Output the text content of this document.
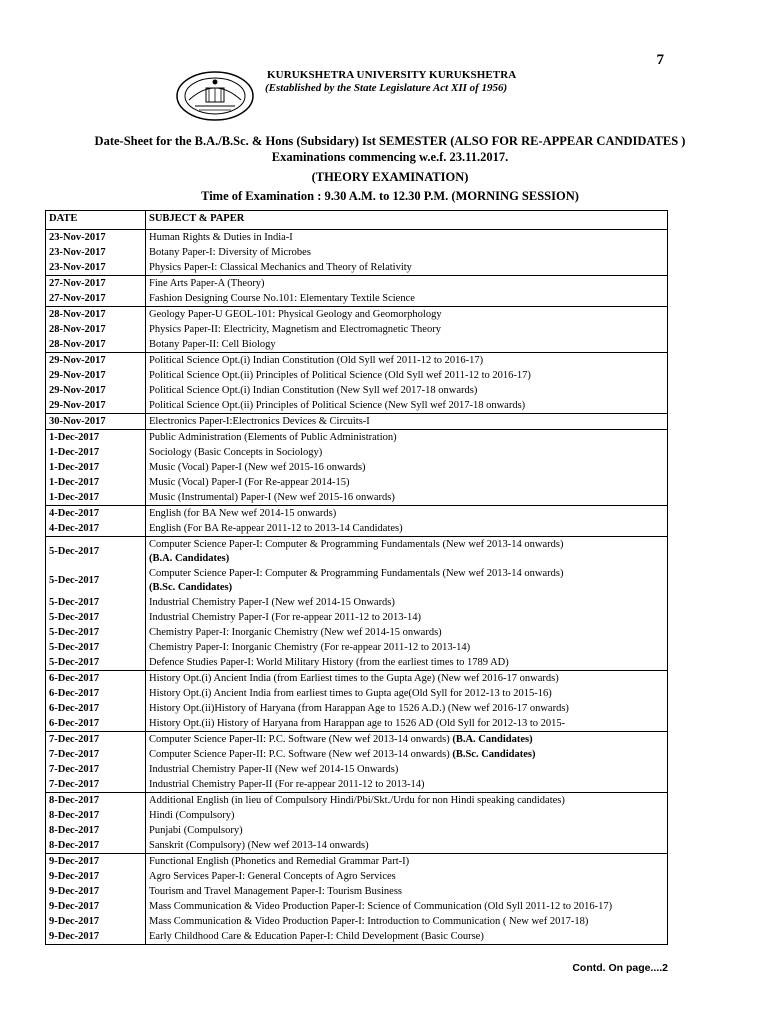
7
KURUKSHETRA UNIVERSITY KURUKSHETRA
(Established by the State Legislature Act XII of 1956)
Date-Sheet for the B.A./B.Sc. & Hons (Subsidary) Ist SEMESTER (ALSO FOR RE-APPEAR CANDIDATES ) Examinations commencing w.e.f. 23.11.2017.
(THEORY EXAMINATION)
Time of Examination : 9.30 A.M. to 12.30 P.M. (MORNING SESSION)
DATE	SUBJECT & PAPER
23-Nov-2017	Human Rights & Duties in India-I
23-Nov-2017	Botany Paper-I: Diversity of Microbes
23-Nov-2017	Physics Paper-I: Classical Mechanics and Theory of Relativity
27-Nov-2017	Fine Arts Paper-A (Theory)
27-Nov-2017	Fashion Designing Course No.101: Elementary Textile Science
28-Nov-2017	Geology Paper-U GEOL-101: Physical Geology and Geomorphology
28-Nov-2017	Physics Paper-II: Electricity, Magnetism and Electromagnetic Theory
28-Nov-2017	Botany Paper-II: Cell Biology
29-Nov-2017	Political Science Opt.(i) Indian Constitution (Old Syll wef 2011-12 to 2016-17)
29-Nov-2017	Political Science Opt.(ii) Principles of Political Science (Old Syll wef 2011-12 to 2016-17)
29-Nov-2017	Political Science Opt.(i) Indian Constitution (New Syll wef 2017-18 onwards)
29-Nov-2017	Political Science Opt.(ii) Principles of Political Science (New Syll wef 2017-18 onwards)
30-Nov-2017	Electronics Paper-I:Electronics Devices & Circuits-I
1-Dec-2017	Public Administration (Elements of Public Administration)
1-Dec-2017	Sociology (Basic Concepts in Sociology)
1-Dec-2017	Music (Vocal) Paper-I (New wef 2015-16 onwards)
1-Dec-2017	Music (Vocal) Paper-I (For Re-appear 2014-15)
1-Dec-2017	Music (Instrumental) Paper-I (New wef 2015-16 onwards)
4-Dec-2017	English (for BA New wef 2014-15 onwards)
4-Dec-2017	English (For BA Re-appear 2011-12 to 2013-14 Candidates)
5-Dec-2017	Computer Science Paper-I: Computer & Programming Fundamentals (New wef 2013-14 onwards)
(B.A. Candidates)

5-Dec-2017	Computer Science Paper-I: Computer & Programming Fundamentals (New wef 2013-14 onwards)
(B.Sc. Candidates)

5-Dec-2017	Industrial Chemistry Paper-I (New wef 2014-15 Onwards)
5-Dec-2017	Industrial Chemistry Paper-I (For re-appear 2011-12 to 2013-14)
5-Dec-2017	Chemistry Paper-I: Inorganic Chemistry (New wef 2014-15 onwards)
5-Dec-2017	Chemistry Paper-I: Inorganic Chemistry (For re-appear 2011-12 to 2013-14)
5-Dec-2017	Defence Studies Paper-I: World Military History (from the earliest times to 1789 AD)
6-Dec-2017	History Opt.(i) Ancient India (from Earliest times to the Gupta Age) (New wef 2016-17 onwards)
6-Dec-2017	History Opt.(i) Ancient India from earliest times to Gupta age(Old Syll for 2012-13 to 2015-16)
6-Dec-2017	History Opt.(ii)History of Haryana (from Harappan Age to 1526 A.D.) (New wef 2016-17 onwards)
6-Dec-2017	History Opt.(ii) History of Haryana from Harappan age to 1526 AD (Old Syll for 2012-13 to 2015-
7-Dec-2017	Computer Science Paper-II: P.C. Software (New wef 2013-14 onwards) (B.A. Candidates)
7-Dec-2017	Computer Science Paper-II: P.C. Software (New wef 2013-14 onwards) (B.Sc. Candidates)
7-Dec-2017	Industrial Chemistry Paper-II (New wef 2014-15 Onwards)
7-Dec-2017	Industrial Chemistry Paper-II (For re-appear 2011-12 to 2013-14)
8-Dec-2017	Additional English (in lieu of Compulsory Hindi/Pbi/Skt./Urdu for non Hindi speaking candidates)
8-Dec-2017	Hindi (Compulsory)
8-Dec-2017	Punjabi (Compulsory)
8-Dec-2017	Sanskrit (Compulsory) (New wef 2013-14 onwards)
9-Dec-2017	Functional English (Phonetics and Remedial Grammar Part-I)
9-Dec-2017	Agro Services Paper-I: General Concepts of Agro Services
9-Dec-2017	Tourism and Travel Management Paper-I: Tourism Business
9-Dec-2017	Mass Communication & Video Production Paper-I: Science of Communication (Old Syll 2011-12 to 2016-17)
9-Dec-2017	Mass Communication & Video Production Paper-I: Introduction to Communication ( New wef 2017-18)
9-Dec-2017	Early Childhood Care & Education Paper-I: Child Development (Basic Course)
Contd. On page....2
